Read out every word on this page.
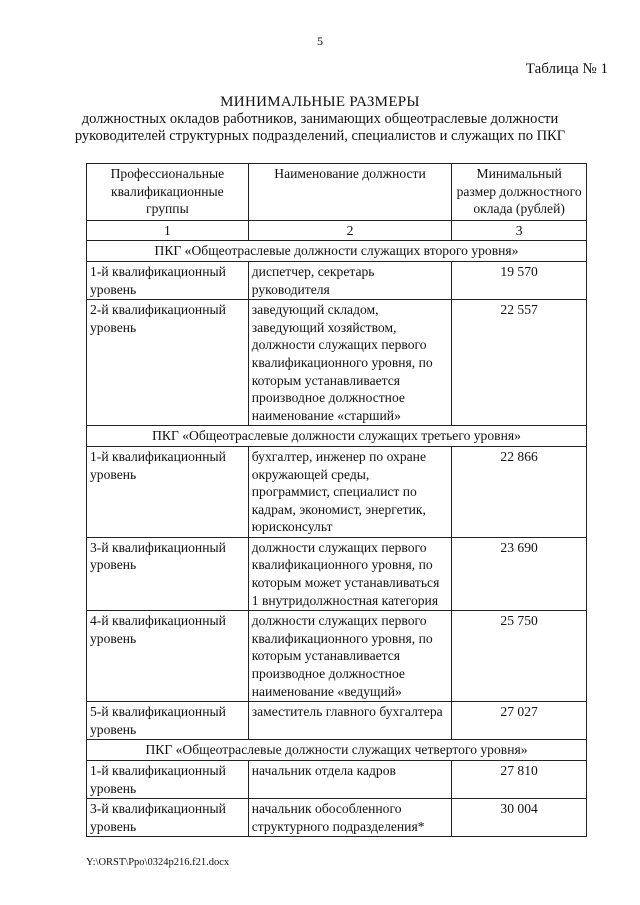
5
Таблица № 1
МИНИМАЛЬНЫЕ РАЗМЕРЫ
должностных окладов работников, занимающих общеотраслевые должности
руководителей структурных подразделений, специалистов и служащих по ПКГ
Профессиональные квалификационные группы	Наименование должности	Минимальный размер должностного оклада (рублей)
1	2	3
ПКГ «Общеотраслевые должности служащих второго уровня»		
1-й квалификационный уровень	диспетчер, секретарь руководителя	19 570
2-й квалификационный уровень	заведующий складом, заведующий хозяйством, должности служащих первого квалификационного уровня, по которым устанавливается производное должностное наименование «старший»	22 557
ПКГ «Общеотраслевые должности служащих третьего уровня»		
1-й квалификационный уровень	бухгалтер, инженер по охране окружающей среды, программист, специалист по кадрам, экономист, энергетик, юрисконсульт	22 866
3-й квалификационный уровень	должности служащих первого квалификационного уровня, по которым может устанавливаться 1 внутридолжностная категория	23 690
4-й квалификационный уровень	должности служащих первого квалификационного уровня, по которым устанавливается производное должностное наименование «ведущий»	25 750
5-й квалификационный уровень	заместитель главного бухгалтера	27 027
ПКГ «Общеотраслевые должности служащих четвертого уровня»		
1-й квалификационный уровень	начальник отдела кадров	27 810
3-й квалификационный уровень	начальник обособленного структурного подразделения*	30 004
Y:\ORST\Ppo\0324p216.f21.docx
